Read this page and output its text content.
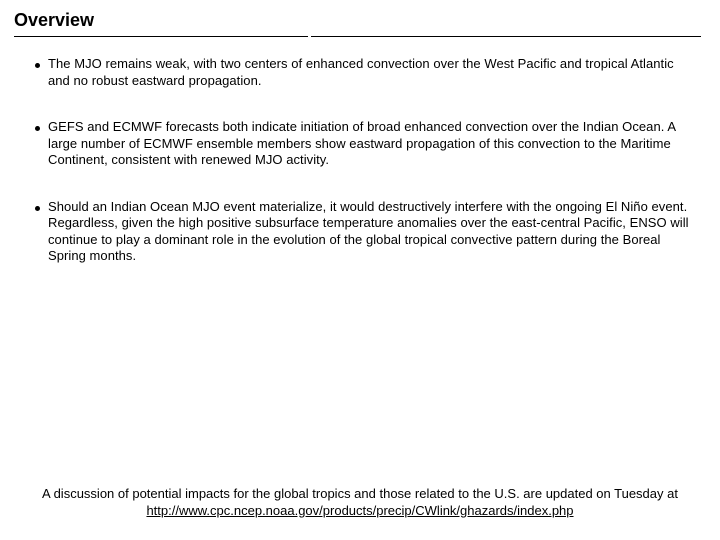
Overview
The MJO remains weak, with two centers of enhanced convection over the West Pacific and tropical Atlantic and no robust eastward propagation.
GEFS and ECMWF forecasts both indicate initiation of broad enhanced convection over the Indian Ocean. A large number of ECMWF ensemble members show eastward propagation of this convection to the Maritime Continent, consistent with renewed MJO activity.
Should an Indian Ocean MJO event materialize, it would destructively interfere with the ongoing El Niño event. Regardless, given the high positive subsurface temperature anomalies over the east-central Pacific, ENSO will continue to play a dominant role in the evolution of the global tropical convective pattern during the Boreal Spring months.
A discussion of potential impacts for the global tropics and those related to the U.S. are updated on Tuesday at
http://www.cpc.ncep.noaa.gov/products/precip/CWlink/ghazards/index.php
